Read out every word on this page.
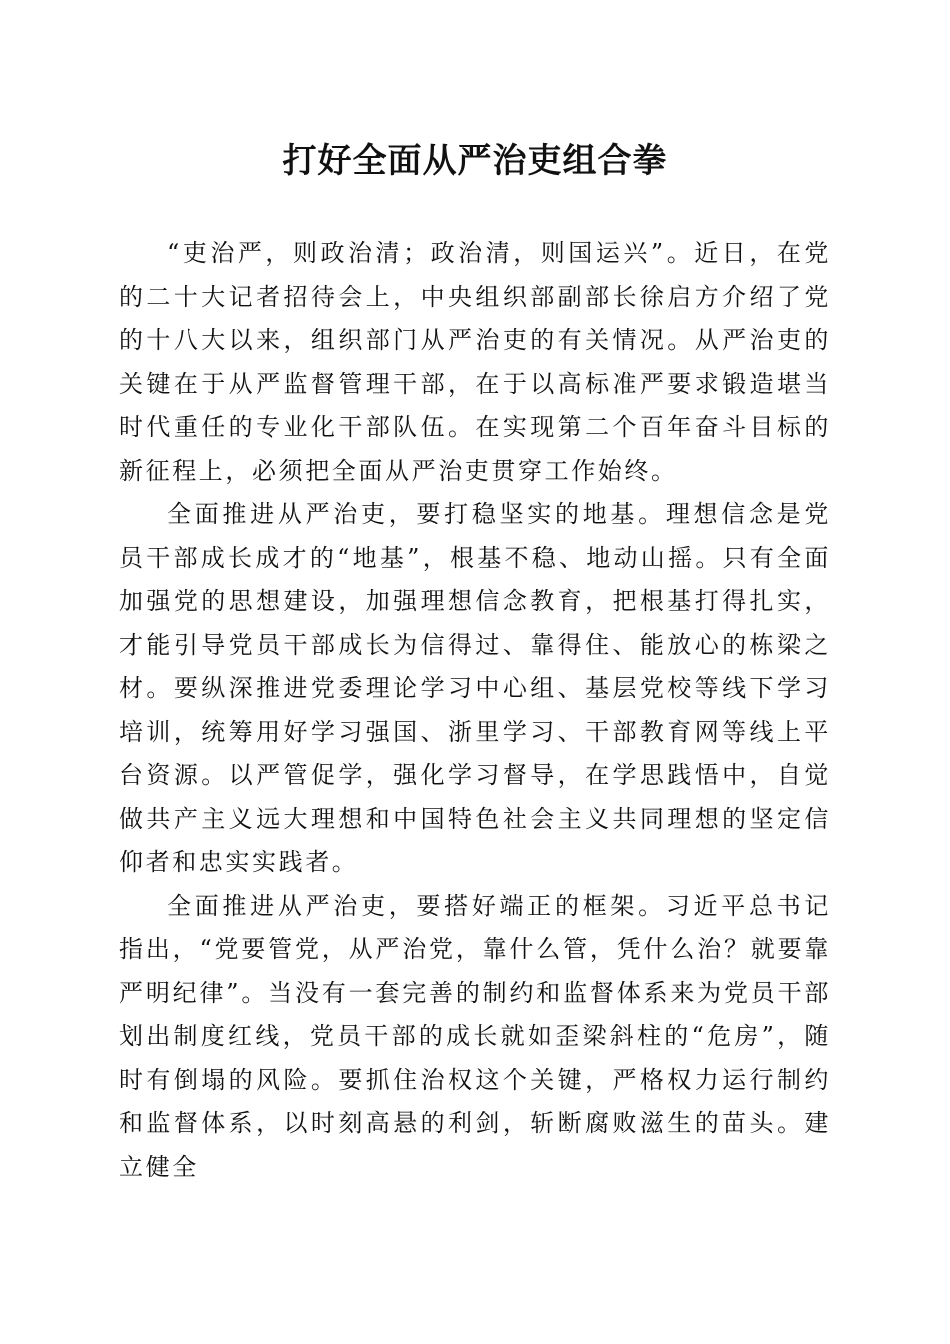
打好全面从严治吏组合拳

“吏治严，则政治清；政治清，则国运兴”。近日，在党的二十大记者招待会上，中央组织部副部长徐启方介绍了党的十八大以来，组织部门从严治吏的有关情况。从严治吏的关键在于从严监督管理干部，在于以高标准严要求锻造堪当时代重任的专业化干部队伍。在实现第二个百年奋斗目标的新征程上，必须把全面从严治吏贯穿工作始终。

全面推进从严治吏，要打稳坚实的地基。理想信念是党员干部成长成才的“地基”，根基不稳、地动山摇。只有全面加强党的思想建设，加强理想信念教育，把根基打得扎实，才能引导党员干部成长为信得过、靠得住、能放心的栋梁之材。要纵深推进党委理论学习中心组、基层党校等线下学习培训，统筹用好学习强国、浙里学习、干部教育网等线上平台资源。以严管促学，强化学习督导，在学思践悟中，自觉做共产主义远大理想和中国特色社会主义共同理想的坚定信仰者和忠实实践者。

全面推进从严治吏，要搭好端正的框架。习近平总书记指出，“党要管党，从严治党，靠什么管，凭什么治？就要靠严明纪律”。当没有一套完善的制约和监督体系来为党员干部划出制度红线，党员干部的成长就如歪梁斜柱的“危房”，随时有倒塌的风险。要抓住治权这个关键，严格权力运行制约和监督体系，以时刻高悬的利剑，斩断腐败滋生的苗头。建立健全
